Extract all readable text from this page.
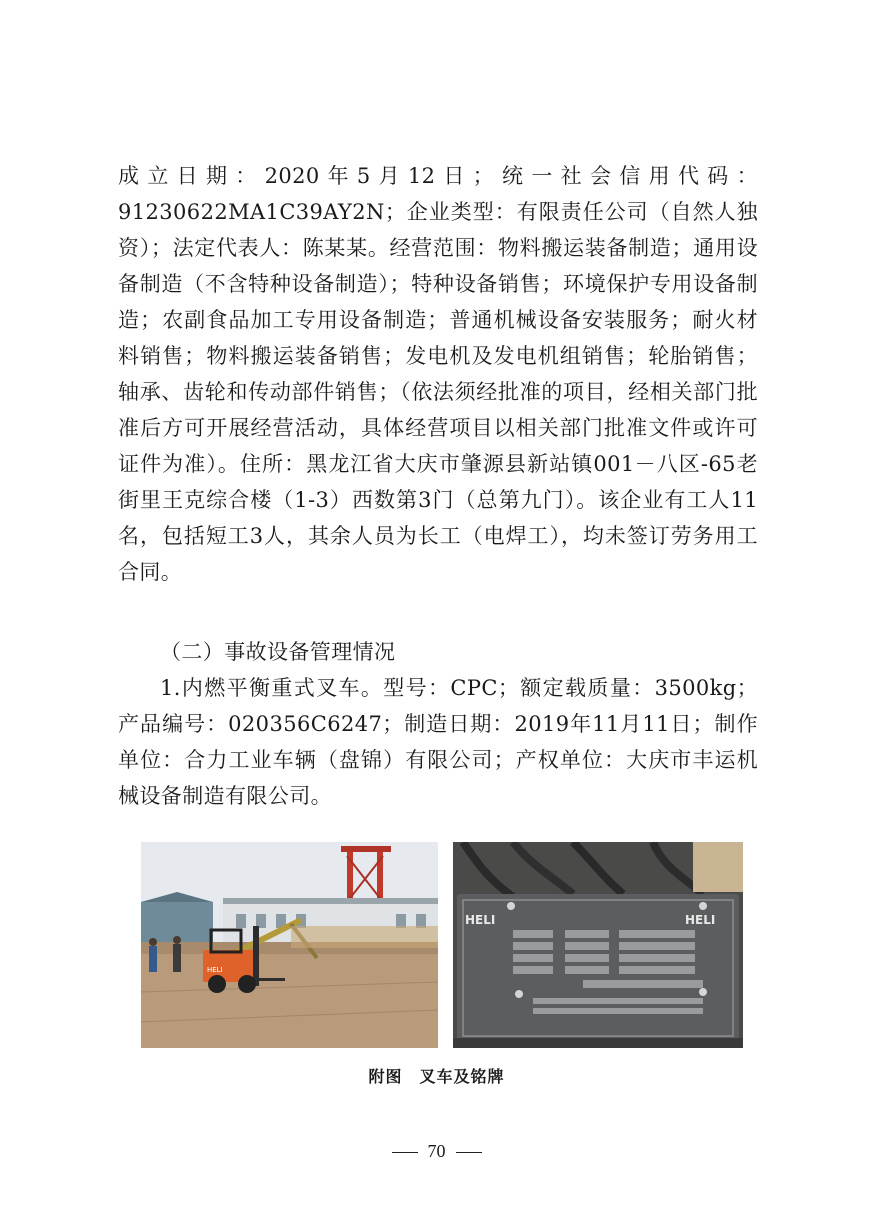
成立日期：2020年5月12日；统一社会信用代码：91230622MA1C39AY2N；企业类型：有限责任公司（自然人独资）；法定代表人：陈某某。经营范围：物料搬运装备制造；通用设备制造（不含特种设备制造）；特种设备销售；环境保护专用设备制造；农副食品加工专用设备制造；普通机械设备安装服务；耐火材料销售；物料搬运装备销售；发电机及发电机组销售；轮胎销售；轴承、齿轮和传动部件销售；（依法须经批准的项目，经相关部门批准后方可开展经营活动，具体经营项目以相关部门批准文件或许可证件为准）。住所：黑龙江省大庆市肇源县新站镇001－八区-65老街里王克综合楼（1-3）西数第3门（总第九门）。该企业有工人11名，包括短工3人，其余人员为长工（电焊工），均未签订劳务用工合同。

（二）事故设备管理情况

1.内燃平衡重式叉车。型号：CPC；额定载质量：3500kg；产品编号：020356C6247；制造日期：2019年11月11日；制作单位：合力工业车辆（盘锦）有限公司；产权单位：大庆市丰运机械设备制造有限公司。

HELI
HELI	HELI
附图　叉车及铭牌
70
